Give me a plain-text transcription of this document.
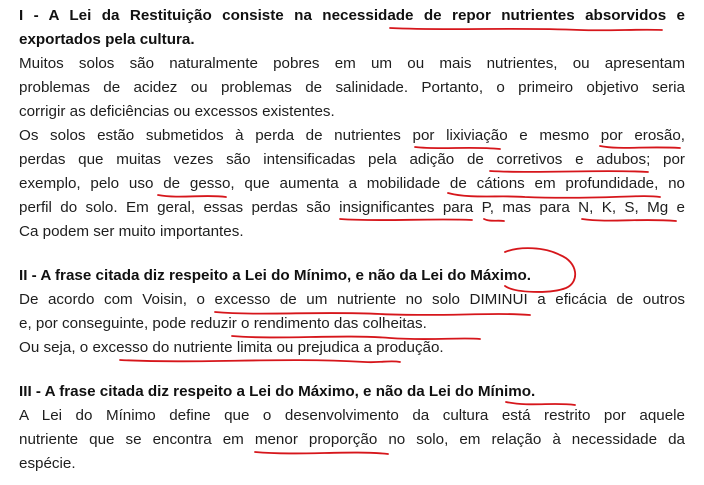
I - A Lei da Restituição consiste na necessidade de repor nutrientes absorvidos e
exportados pela cultura.
Muitos solos são naturalmente pobres em um ou mais nutrientes, ou apresentam
problemas de acidez ou problemas de salinidade. Portanto, o primeiro objetivo seria
corrigir as deficiências ou excessos existentes.
Os solos estão submetidos à perda de nutrientes por lixiviação e mesmo por erosão,
perdas que muitas vezes são intensificadas pela adição de corretivos e adubos; por
exemplo, pelo uso de gesso, que aumenta a mobilidade de cátions em profundidade, no
perfil do solo. Em geral, essas perdas são insignificantes para P, mas para N, K, S, Mg e
Ca podem ser muito importantes.
II - A frase citada diz respeito a Lei do Mínimo, e não da Lei do Máximo.
De acordo com Voisin, o excesso de um nutriente no solo DIMINUI a eficácia de outros
e, por conseguinte, pode reduzir o rendimento das colheitas.
Ou seja, o excesso do nutriente limita ou prejudica a produção.
III - A frase citada diz respeito a Lei do Máximo, e não da Lei do Mínimo.
A Lei do Mínimo define que o desenvolvimento da cultura está restrito por aquele
nutriente que se encontra em menor proporção no solo, em relação à necessidade da
espécie.
